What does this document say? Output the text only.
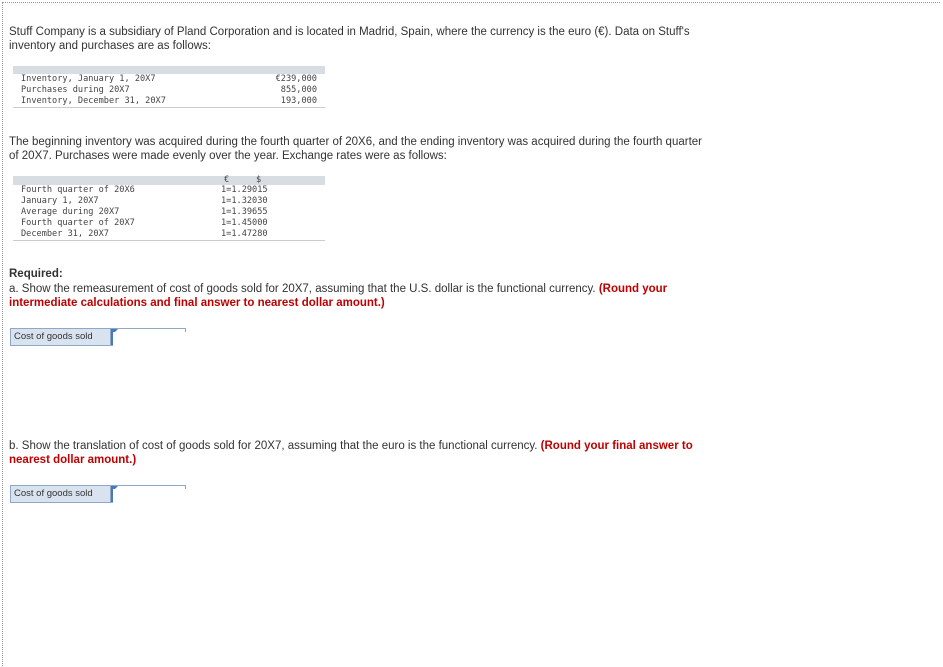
Stuff Company is a subsidiary of Pland Corporation and is located in Madrid, Spain, where the currency is the euro (€). Data on Stuff's inventory and purchases are as follows:
Inventory, January 1, 20X7	€239,000
Purchases during 20X7	855,000
Inventory, December 31, 20X7	193,000
The beginning inventory was acquired during the fourth quarter of 20X6, and the ending inventory was acquired during the fourth quarter of 20X7. Purchases were made evenly over the year. Exchange rates were as follows:
€	$
Fourth quarter of 20X6	1=1.29015
January 1, 20X7	1=1.32030
Average during 20X7	1=1.39655
Fourth quarter of 20X7	1=1.45000
December 31, 20X7	1=1.47280
Required:
a. Show the remeasurement of cost of goods sold for 20X7, assuming that the U.S. dollar is the functional currency. (Round your intermediate calculations and final answer to nearest dollar amount.)
Cost of goods sold
b. Show the translation of cost of goods sold for 20X7, assuming that the euro is the functional currency. (Round your final answer to nearest dollar amount.)
Cost of goods sold
